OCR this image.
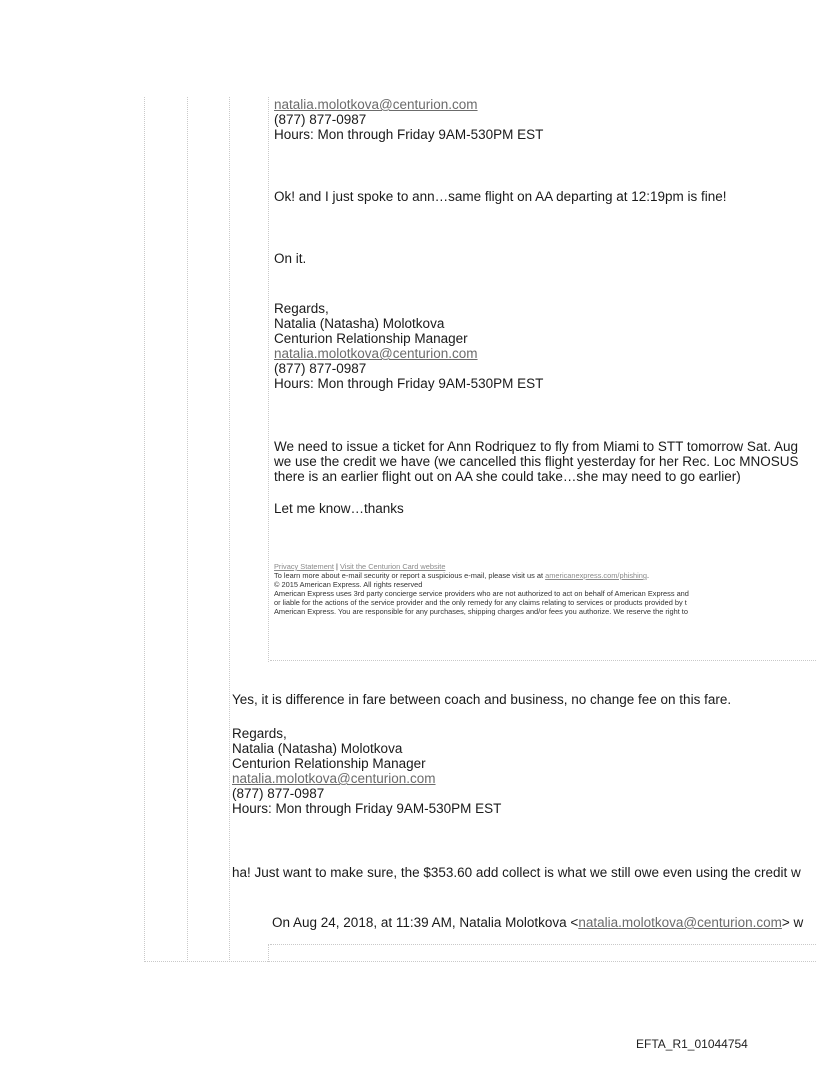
natalia.molotkova@centurion.com
(877) 877-0987
Hours: Mon through Friday 9AM-530PM EST
Ok! and I just spoke to ann…same flight on AA departing at 12:19pm is fine!
On it.
Regards,
Natalia (Natasha) Molotkova
Centurion Relationship Manager
natalia.molotkova@centurion.com
(877) 877-0987
Hours: Mon through Friday 9AM-530PM EST
We need to issue a ticket for Ann Rodriquez to fly from Miami to STT tomorrow Sat. Aug
we use the credit we have (we cancelled this flight yesterday for her Rec. Loc MNOSUS
there is an earlier flight out on AA she could take…she may need to go earlier)
Let me know…thanks
Privacy Statement | Visit the Centurion Card website
To learn more about e-mail security or report a suspicious e-mail, please visit us at americanexpress.com/phishing.
© 2015 American Express. All rights reserved
American Express uses 3rd party concierge service providers who are not authorized to act on behalf of American Express and
or liable for the actions of the service provider and the only remedy for any claims relating to services or products provided by t
American Express. You are responsible for any purchases, shipping charges and/or fees you authorize. We reserve the right to
Yes, it is difference in fare between coach and business, no change fee on this fare.
Regards,
Natalia (Natasha) Molotkova
Centurion Relationship Manager
natalia.molotkova@centurion.com
(877) 877-0987
Hours: Mon through Friday 9AM-530PM EST
ha! Just want to make sure, the $353.60 add collect is what we still owe even using the credit w
On Aug 24, 2018, at 11:39 AM, Natalia Molotkova <natalia.molotkova@centurion.com> w
EFTA_R1_01044754
